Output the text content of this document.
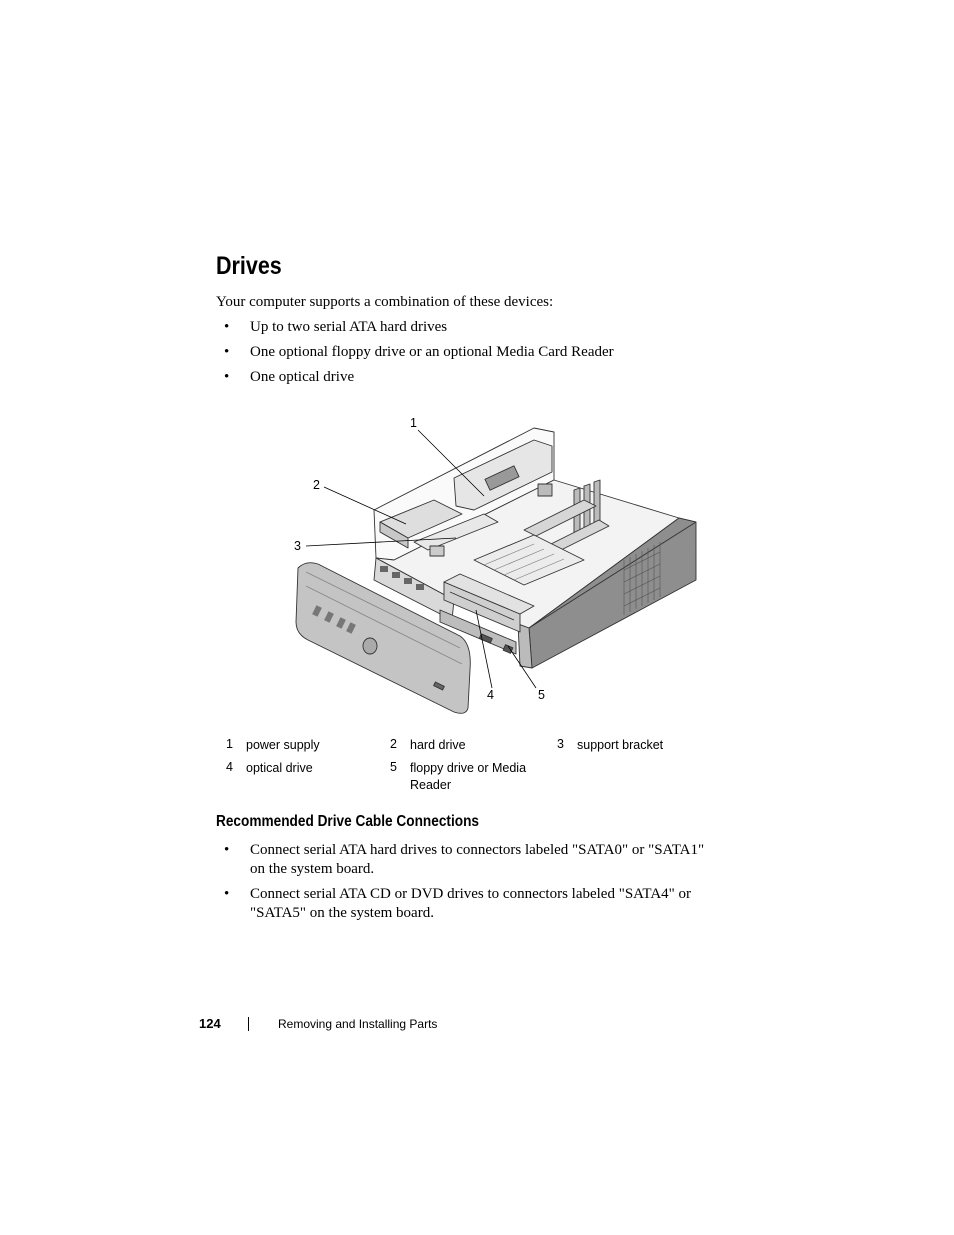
Drives
Your computer supports a combination of these devices:
• Up to two serial ATA hard drives
• One optional floppy drive or an optional Media Card Reader
• One optical drive
1
2
3
4	5
1 power supply	2 hard drive	3 support bracket
4 optical drive	5 floppy drive or Media Reader
Recommended Drive Cable Connections
• Connect serial ATA hard drives to connectors labeled "SATA0" or "SATA1" on the system board.
• Connect serial ATA CD or DVD drives to connectors labeled "SATA4" or "SATA5" on the system board.
124	Removing and Installing Parts
